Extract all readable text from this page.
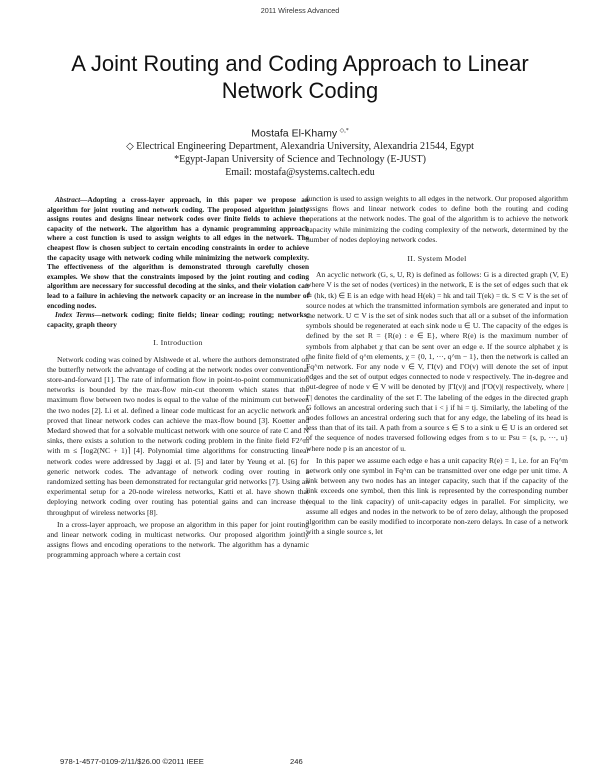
2011 Wireless Advanced
A Joint Routing and Coding Approach to Linear Network Coding
Mostafa El-Khamy ◇,*
◇ Electrical Engineering Department, Alexandria University, Alexandria 21544, Egypt
*Egypt-Japan University of Science and Technology (E-JUST)
Email: mostafa@systems.caltech.edu

Abstract—Adopting a cross-layer approach, in this paper we propose an algorithm for joint routing and network coding. The proposed algorithm jointly assigns routes and designs linear network codes over finite fields to achieve the capacity of the network. The algorithm has a dynamic programming approach where a cost function is used to assign weights to all edges in the network. The cheapest flow is chosen subject to certain encoding constraints in order to achieve the capacity usage with network coding while minimizing the network complexity. The effectiveness of the algorithm is demonstrated through carefully chosen examples. We show that the constraints imposed by the joint routing and coding algorithm are necessary for successful decoding at the sinks, and their violation can lead to a failure in achieving the network capacity or an increase in the number of encoding nodes.

Index Terms—network coding; finite fields; linear coding; routing; networks; capacity, graph theory

I. Introduction

Network coding was coined by Alshwede et al. where the authors demonstrated on the butterfly network the advantage of coding at the network nodes over conventional store-and-forward [1]. The rate of information flow in point-to-point communication networks is bounded by the max-flow min-cut theorem which states that the maximum flow between two nodes is equal to the value of the minimum cut between the two nodes [2]. Li et al. defined a linear code multicast for an acyclic network and proved that linear network codes can achieve the max-flow bound [3]. Koetter and Medard showed that for a solvable multicast network with one source of rate C and N sinks, there exists a solution to the network coding problem in the finite field F2^m with m ≤ ⌈log2(NC + 1)⌉ [4]. Polynomial time algorithms for constructing linear network codes were addressed by Jaggi et al. [5] and later by Yeung et al. [6] for generic network codes. The advantage of network coding over routing in a randomized setting has been demonstrated for rectangular grid networks [7]. Using an experimental setup for a 20-node wireless networks, Katti et al. have shown that deploying network coding over routing has potential gains and can increase the throughput of wireless networks [8].

In a cross-layer approach, we propose an algorithm in this paper for joint routing and linear network coding in multicast networks. Our proposed algorithm jointly assigns flows and encoding operations to the network. The algorithm has a dynamic programming approach where a certain cost

function is used to assign weights to all edges in the network. Our proposed algorithm assigns flows and linear network codes to define both the routing and coding operations at the network nodes. The goal of the algorithm is to achieve the network capacity while minimizing the coding complexity of the network, determined by the number of nodes deploying network codes.

II. System Model

An acyclic network (G, s, U, R) is defined as follows: G is a directed graph (V, E) where V is the set of nodes (vertices) in the network, E is the set of edges such that ek ≜ (hk, tk) ∈ E is an edge with head H(ek) = hk and tail T(ek) = tk. S ⊂ V is the set of source nodes at which the transmitted information symbols are generated and input to the network. U ⊂ V is the set of sink nodes such that all or a subset of the information symbols should be regenerated at each sink node u ∈ U. The capacity of the edges is defined by the set R = {R(e) : e ∈ E}, where R(e) is the maximum number of symbols from alphabet χ that can be sent over an edge e. If the source alphabet χ is the finite field of q^m elements, χ = {0, 1, ···, q^m − 1}, then the network is called an Fq^m network. For any node v ∈ V, ΓI(v) and ΓO(v) will denote the set of input edges and the set of output edges connected to node v respectively. The in-degree and out-degree of node v ∈ V will be denoted by |ΓI(v)| and |ΓO(v)| respectively, where |Γ| denotes the cardinality of the set Γ. The labeling of the edges in the directed graph G follows an ancestral ordering such that i < j if hi = tj. Similarly, the labeling of the nodes follows an ancestral ordering such that for any edge, the labeling of its head is less than that of its tail. A path from a source s ∈ S to a sink u ∈ U is an ordered set of the sequence of nodes traversed following edges from s to u: Psu = {s, p, ···, u} where node p is an ancestor of u.

In this paper we assume each edge e has a unit capacity R(e) = 1, i.e. for an Fq^m network only one symbol in Fq^m can be transmitted over one edge per unit time. A link between any two nodes has an integer capacity, such that if the capacity of the link exceeds one symbol, then this link is represented by the corresponding number (equal to the link capacity) of unit-capacity edges in parallel. For simplicity, we assume all edges and nodes in the network to be of zero delay, although the proposed algorithm can be easily modified to incorporate non-zero delays. In case of a network with a single source s, let

978-1-4577-0109-2/11/$26.00 ©2011 IEEE	246
